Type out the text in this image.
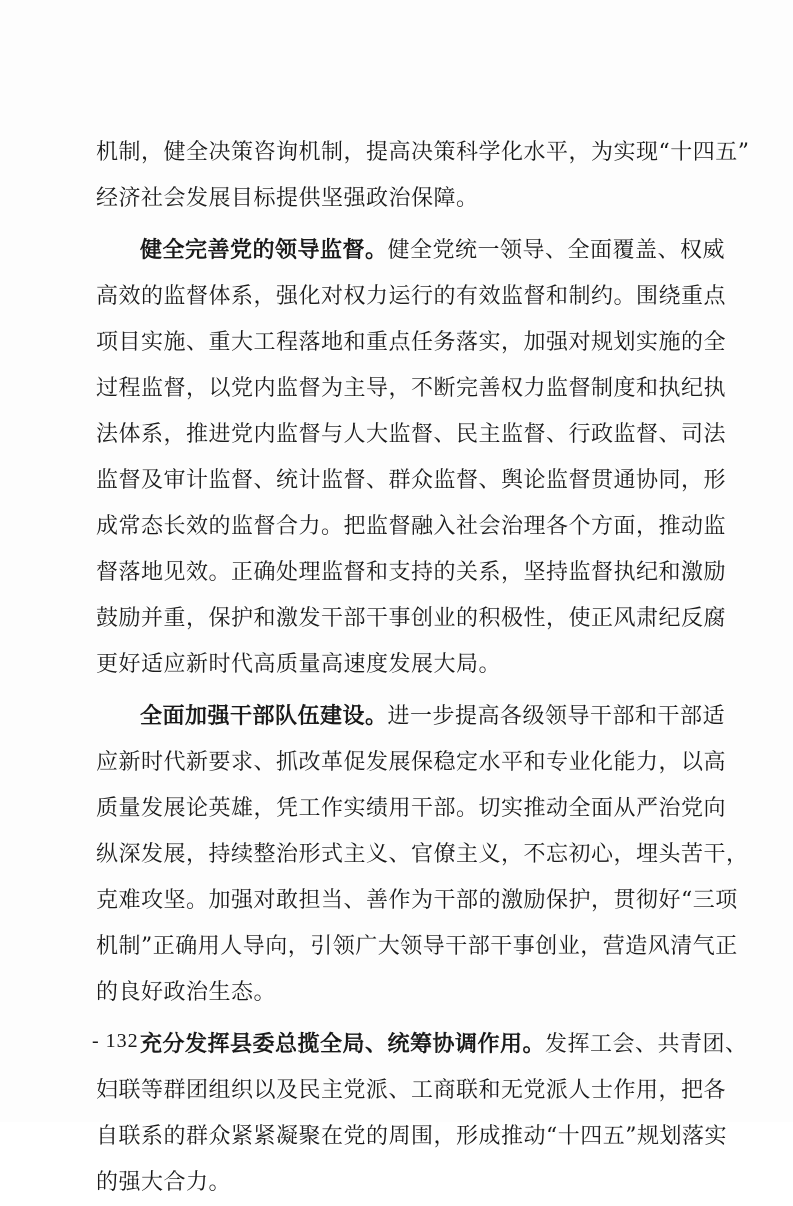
机制，健全决策咨询机制，提高决策科学化水平，为实现“十四五”
经济社会发展目标提供坚强政治保障。
健全完善党的领导监督。健全党统一领导、全面覆盖、权威
高效的监督体系，强化对权力运行的有效监督和制约。围绕重点
项目实施、重大工程落地和重点任务落实，加强对规划实施的全
过程监督，以党内监督为主导，不断完善权力监督制度和执纪执
法体系，推进党内监督与人大监督、民主监督、行政监督、司法
监督及审计监督、统计监督、群众监督、舆论监督贯通协同，形
成常态长效的监督合力。把监督融入社会治理各个方面，推动监
督落地见效。正确处理监督和支持的关系，坚持监督执纪和激励
鼓励并重，保护和激发干部干事创业的积极性，使正风肃纪反腐
更好适应新时代高质量高速度发展大局。
全面加强干部队伍建设。进一步提高各级领导干部和干部适
应新时代新要求、抓改革促发展保稳定水平和专业化能力，以高
质量发展论英雄，凭工作实绩用干部。切实推动全面从严治党向
纵深发展，持续整治形式主义、官僚主义，不忘初心，埋头苦干，
克难攻坚。加强对敢担当、善作为干部的激励保护，贯彻好“三项
机制”正确用人导向，引领广大领导干部干事创业，营造风清气正
的良好政治生态。
充分发挥县委总揽全局、统筹协调作用。发挥工会、共青团、
妇联等群团组织以及民主党派、工商联和无党派人士作用，把各
自联系的群众紧紧凝聚在党的周围，形成推动“十四五”规划落实
的强大合力。
- 132 -
